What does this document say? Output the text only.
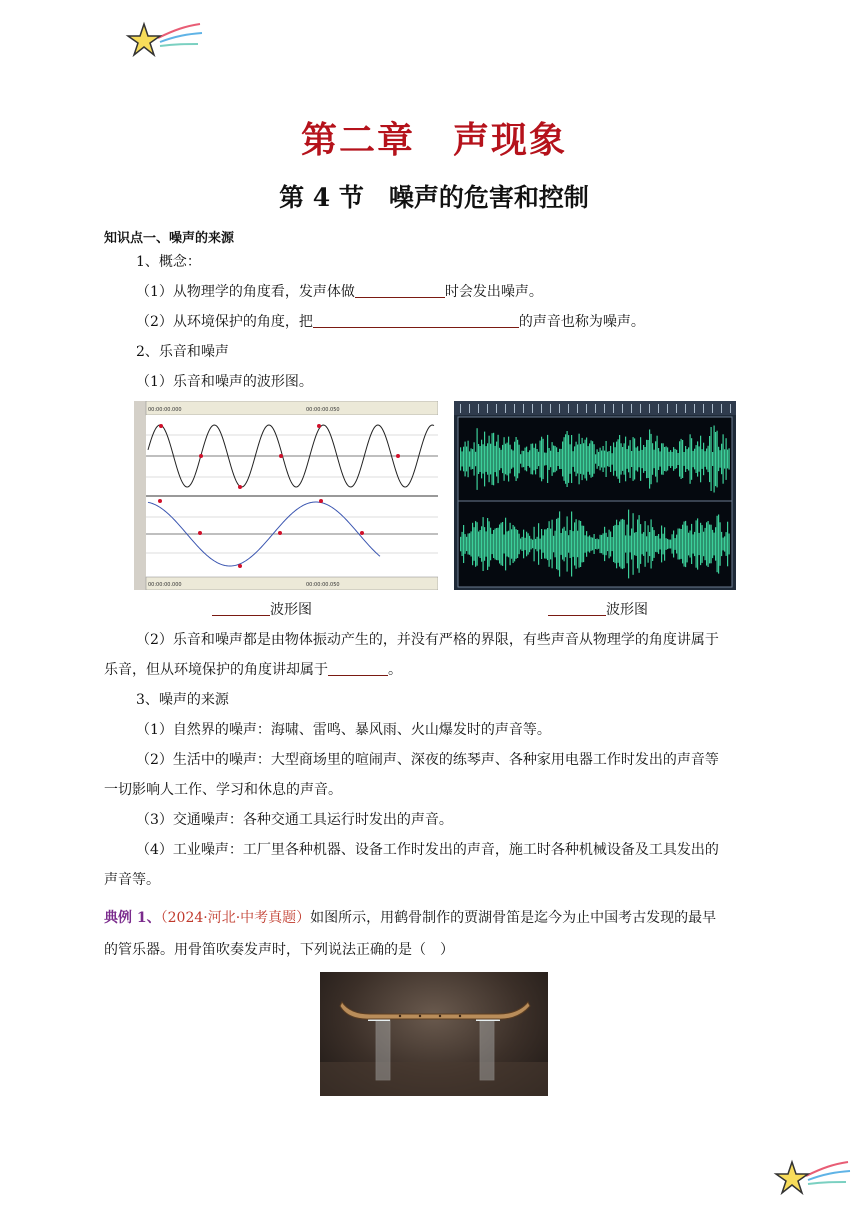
第二章　声现象
第 4 节　噪声的危害和控制
知识点一、噪声的来源
1、概念：
（1）从物理学的角度看，发声体做	时会发出噪声。
（2）从环境保护的角度，把	的声音也称为噪声。
2、乐音和噪声
（1）乐音和噪声的波形图。
00:00:00.000	00:00:00.050
00:00:00.000	00:00:00.050
波形图	波形图
（2）乐音和噪声都是由物体振动产生的，并没有严格的界限，有些声音从物理学的角度讲属于
乐音，但从环境保护的角度讲却属于	。
3、噪声的来源
（1）自然界的噪声：海啸、雷鸣、暴风雨、火山爆发时的声音等。
（2）生活中的噪声：大型商场里的喧闹声、深夜的练琴声、各种家用电器工作时发出的声音等
一切影响人工作、学习和休息的声音。
（3）交通噪声：各种交通工具运行时发出的声音。
（4）工业噪声：工厂里各种机器、设备工作时发出的声音，施工时各种机械设备及工具发出的
声音等。
典例 1、（2024·河北·中考真题）如图所示，用鹤骨制作的贾湖骨笛是迄今为止中国考古发现的最早
的管乐器。用骨笛吹奏发声时，下列说法正确的是（　）
